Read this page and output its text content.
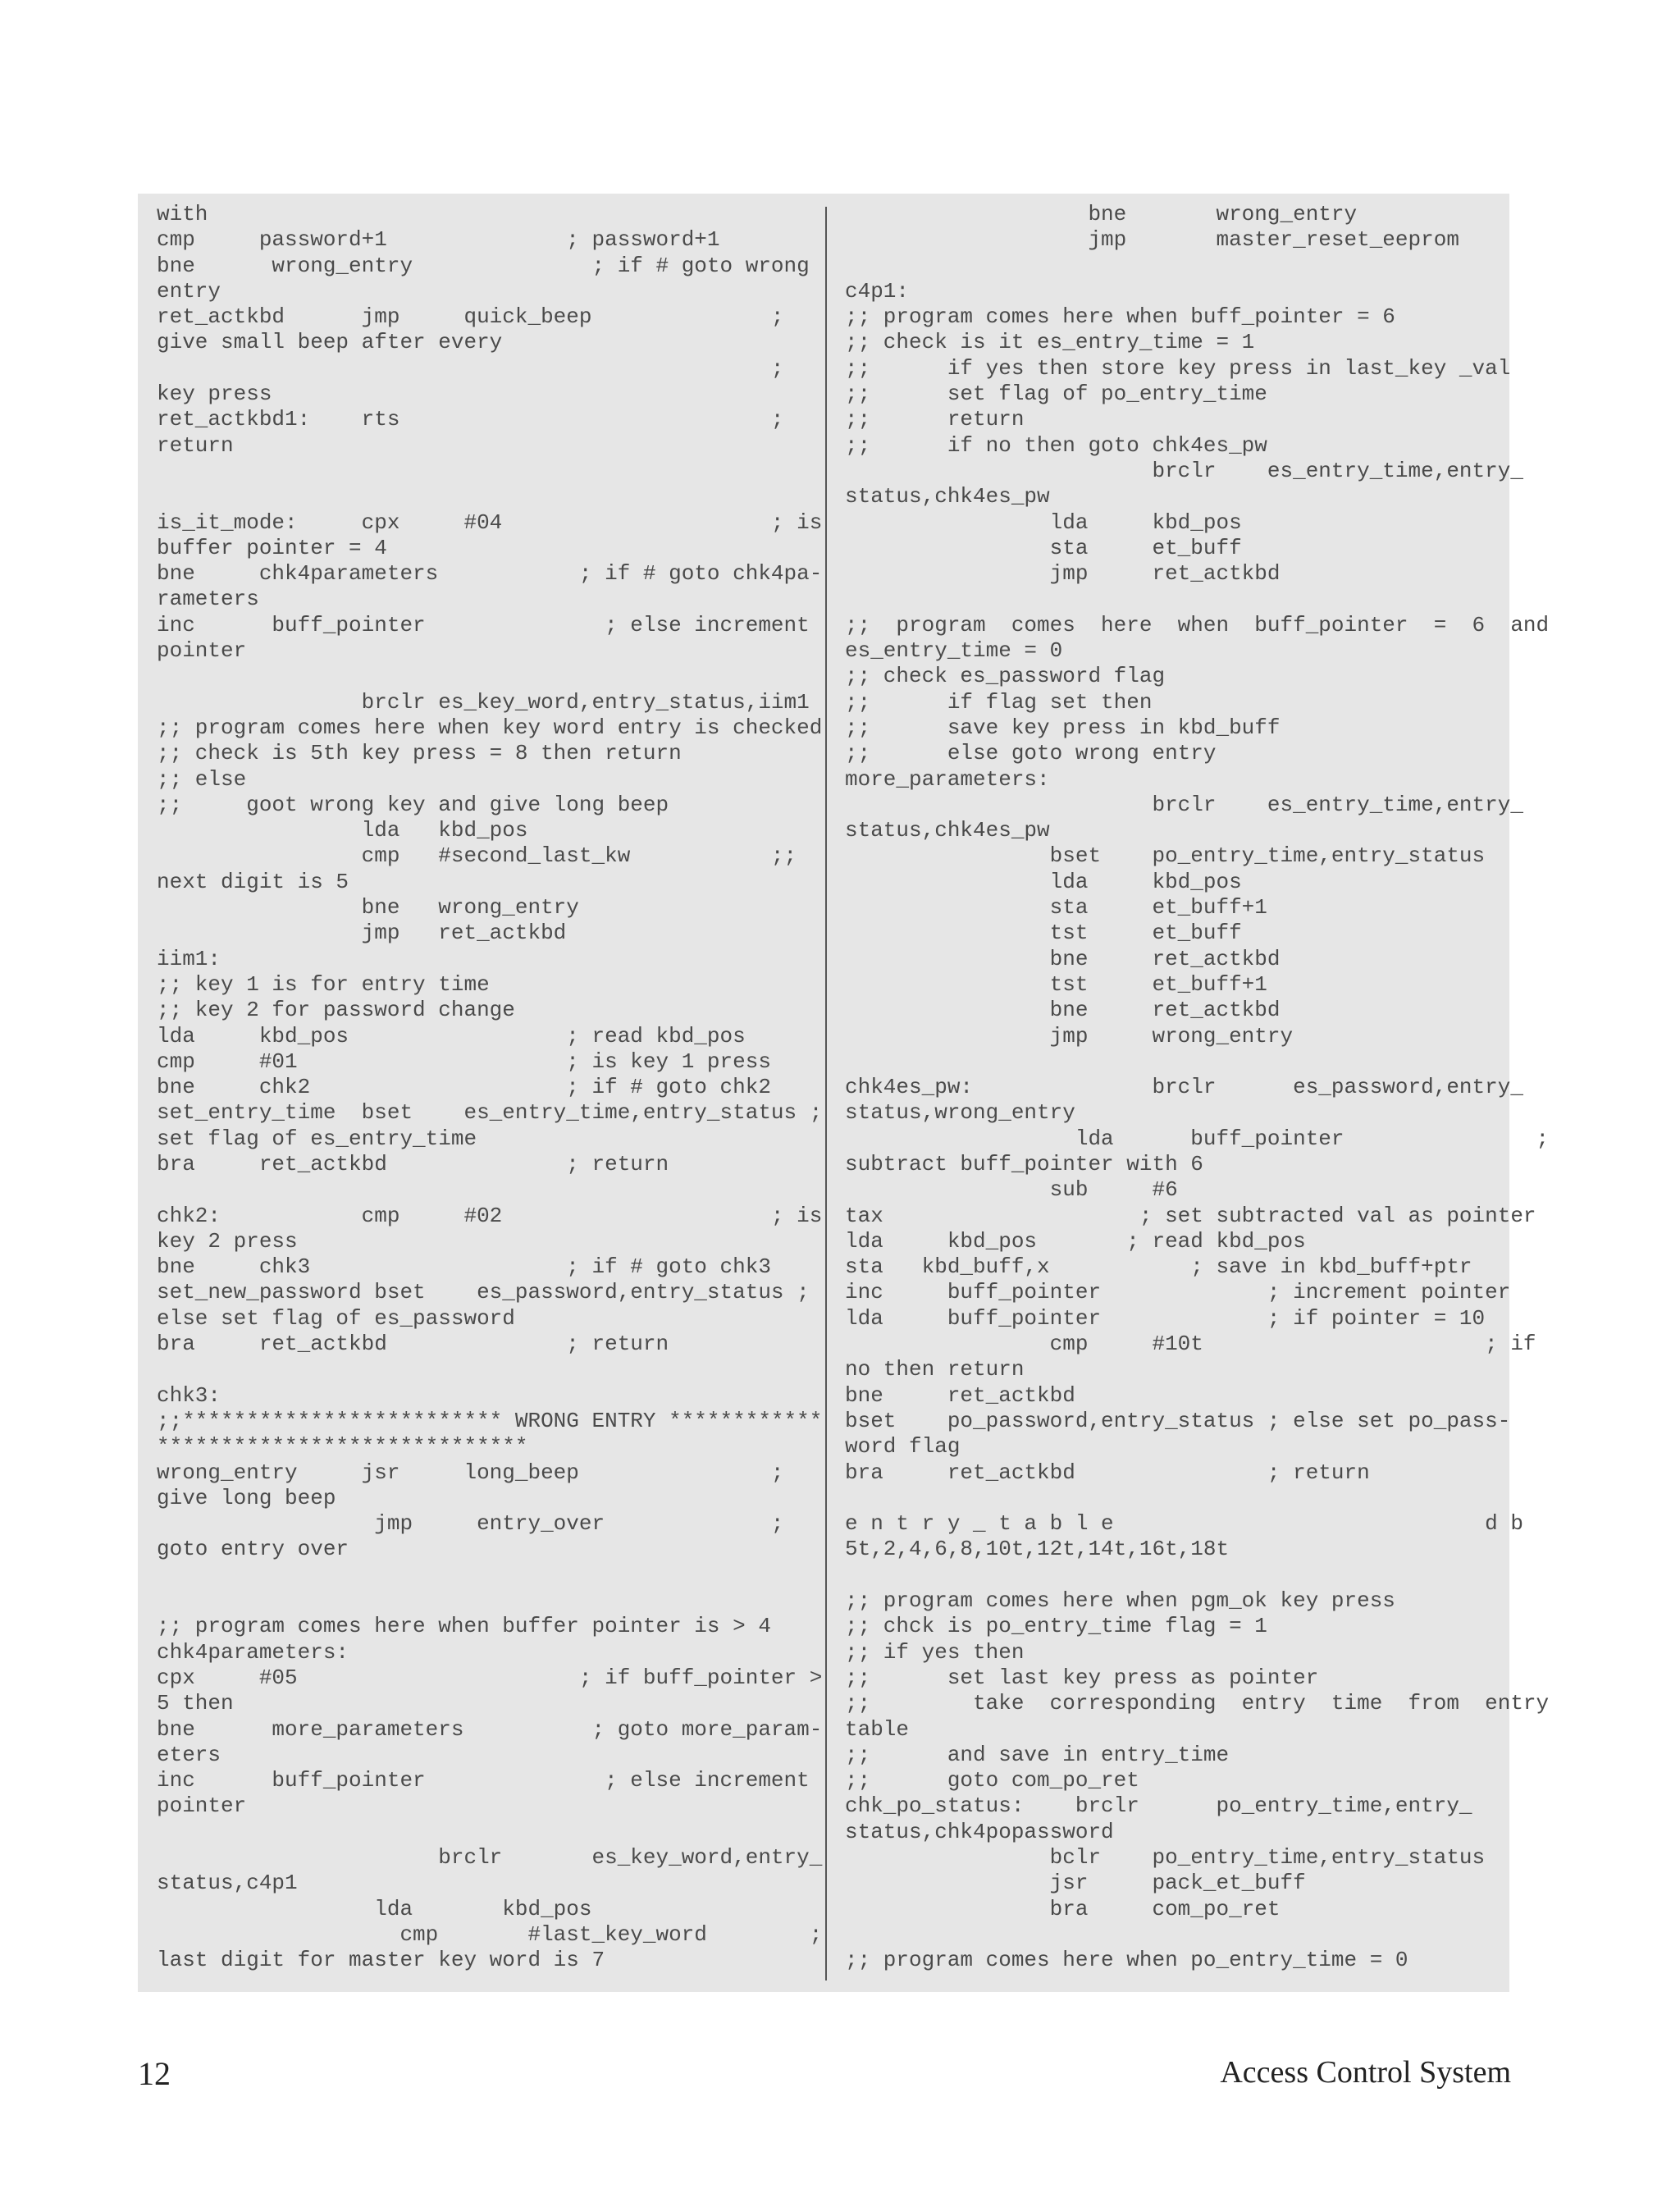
with
cmp     password+1              ; password+1
bne      wrong_entry              ; if # goto wrong
entry
ret_actkbd      jmp     quick_beep              ;
give small beep after every
;
key press
ret_actkbd1:    rts                             ;
return

is_it_mode:     cpx     #04                     ; is
buffer pointer = 4
bne     chk4parameters           ; if # goto chk4pa-
rameters
inc      buff_pointer              ; else increment
pointer

brclr es_key_word,entry_status,iim1
;; program comes here when key word entry is checked
;; check is 5th key press = 8 then return
;; else
;;     goot wrong key and give long beep
lda   kbd_pos
cmp   #second_last_kw           ;;
next digit is 5
bne   wrong_entry
jmp   ret_actkbd
iim1:
;; key 1 is for entry time
;; key 2 for password change
lda     kbd_pos                 ; read kbd_pos
cmp     #01                     ; is key 1 press
bne     chk2                    ; if # goto chk2
set_entry_time  bset    es_entry_time,entry_status ;
set flag of es_entry_time
bra     ret_actkbd              ; return

chk2:           cmp     #02                     ; is
key 2 press
bne     chk3                    ; if # goto chk3
set_new_password bset    es_password,entry_status ;
else set flag of es_password
bra     ret_actkbd              ; return

chk3:
;;************************* WRONG ENTRY ************
*****************************
wrong_entry     jsr     long_beep               ;
give long beep
jmp     entry_over             ;
goto entry over

;; program comes here when buffer pointer is > 4
chk4parameters:
cpx     #05                      ; if buff_pointer >
5 then
bne      more_parameters          ; goto more_param-
eters
inc      buff_pointer              ; else increment
pointer

brclr       es_key_word,entry_
status,c4p1
lda       kbd_pos
cmp       #last_key_word        ;
last digit for master key word is 7
bne       wrong_entry
jmp       master_reset_eeprom

c4p1:
;; program comes here when buff_pointer = 6
;; check is it es_entry_time = 1
;;      if yes then store key press in last_key _val
;;      set flag of po_entry_time
;;      return
;;      if no then goto chk4es_pw
brclr    es_entry_time,entry_
status,chk4es_pw
lda     kbd_pos
sta     et_buff
jmp     ret_actkbd

;;  program  comes  here  when  buff_pointer  =  6  and
es_entry_time = 0
;; check es_password flag
;;      if flag set then
;;      save key press in kbd_buff
;;      else goto wrong entry
more_parameters:
brclr    es_entry_time,entry_
status,chk4es_pw
bset    po_entry_time,entry_status
lda     kbd_pos
sta     et_buff+1
tst     et_buff
bne     ret_actkbd
tst     et_buff+1
bne     ret_actkbd
jmp     wrong_entry

chk4es_pw:              brclr      es_password,entry_
status,wrong_entry
lda      buff_pointer               ;
subtract buff_pointer with 6
sub     #6
tax                    ; set subtracted val as pointer
lda     kbd_pos       ; read kbd_pos
sta   kbd_buff,x           ; save in kbd_buff+ptr
inc     buff_pointer             ; increment pointer
lda     buff_pointer             ; if pointer = 10
cmp     #10t                      ; if
no then return
bne     ret_actkbd
bset    po_password,entry_status ; else set po_pass-
word flag
bra     ret_actkbd               ; return

e n t r y _ t a b l e                             d b
5t,2,4,6,8,10t,12t,14t,16t,18t

;; program comes here when pgm_ok key press
;; chck is po_entry_time flag = 1
;; if yes then
;;      set last key press as pointer
;;        take  corresponding  entry  time  from  entry
table
;;      and save in entry_time
;;      goto com_po_ret
chk_po_status:    brclr      po_entry_time,entry_
status,chk4popassword
bclr    po_entry_time,entry_status
jsr     pack_et_buff
bra     com_po_ret

;; program comes here when po_entry_time = 0
12	Access Control System
